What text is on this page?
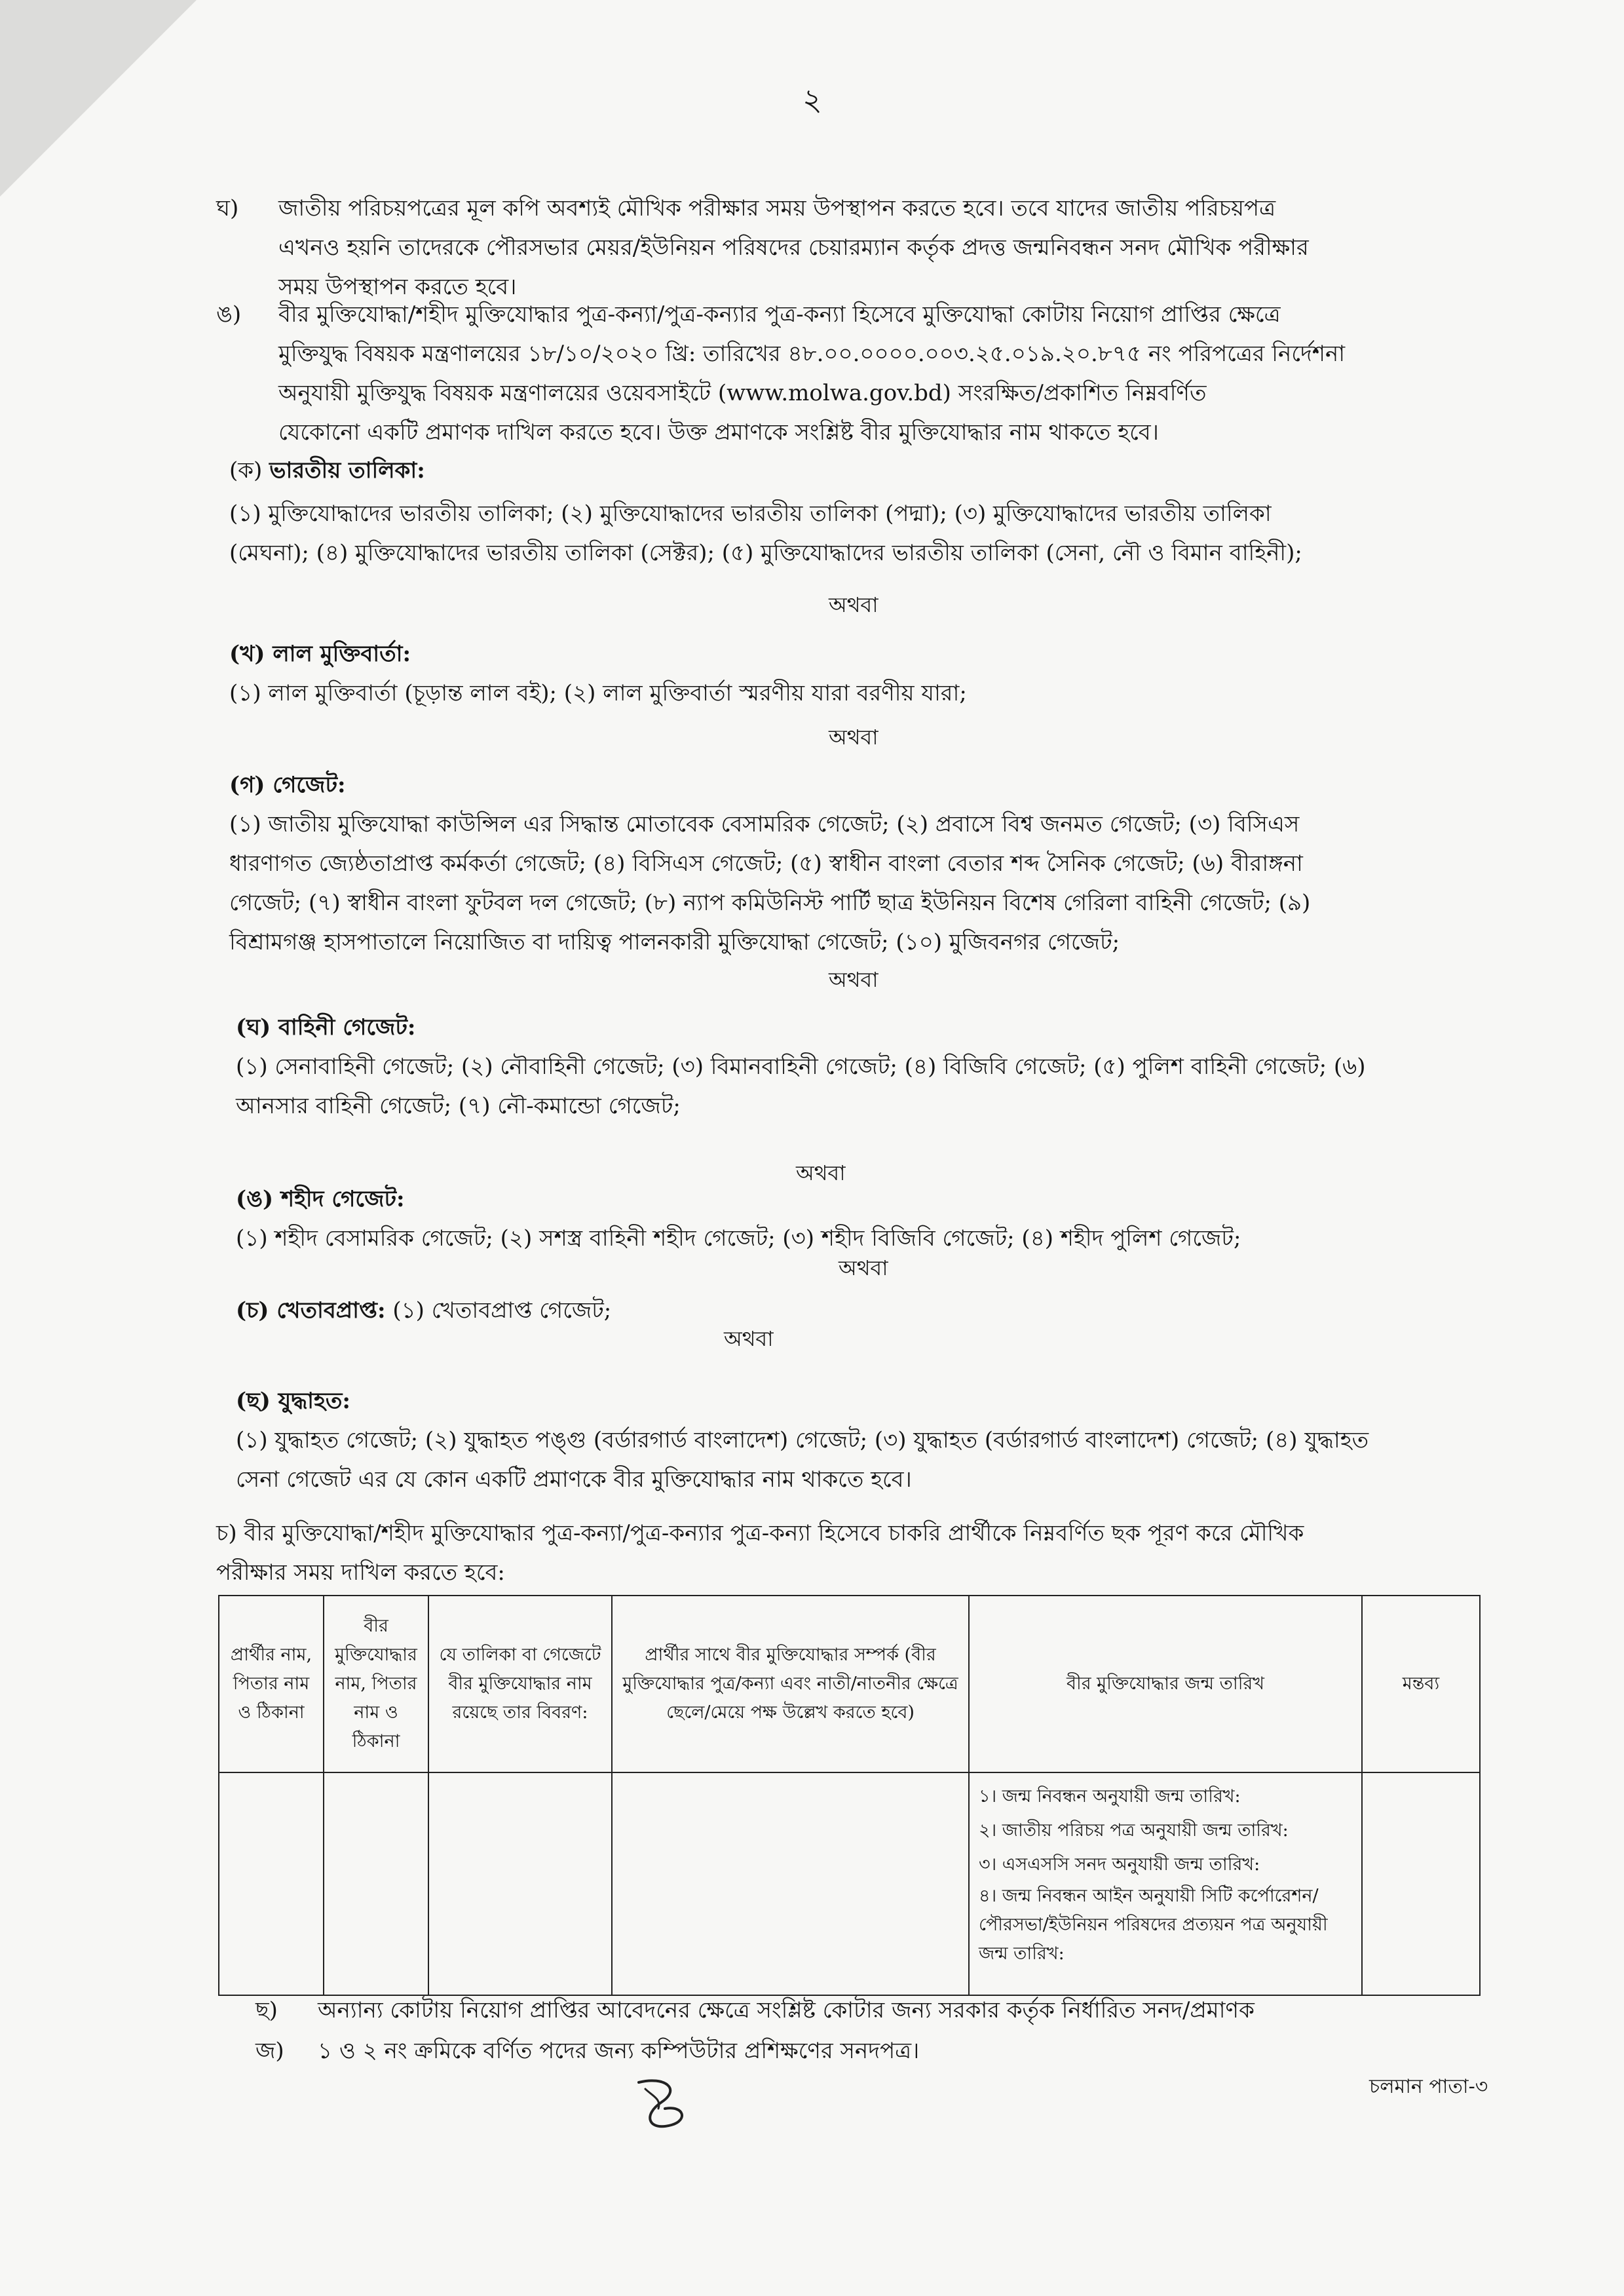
২
ঘ) জাতীয় পরিচয়পত্রের মূল কপি অবশ্যই মৌখিক পরীক্ষার সময় উপস্থাপন করতে হবে। তবে যাদের জাতীয় পরিচয়পত্র
এখনও হয়নি তাদেরকে পৌরসভার মেয়র/ইউনিয়ন পরিষদের চেয়ারম্যান কর্তৃক প্রদত্ত জন্মনিবন্ধন সনদ মৌখিক পরীক্ষার
সময় উপস্থাপন করতে হবে।
ঙ) বীর মুক্তিযোদ্ধা/শহীদ মুক্তিযোদ্ধার পুত্র-কন্যা/পুত্র-কন্যার পুত্র-কন্যা হিসেবে মুক্তিযোদ্ধা কোটায় নিয়োগ প্রাপ্তির ক্ষেত্রে
মুক্তিযুদ্ধ বিষয়ক মন্ত্রণালয়ের ১৮/১০/২০২০ খ্রি: তারিখের ৪৮.০০.০০০০.০০৩.২৫.০১৯.২০.৮৭৫ নং পরিপত্রের নির্দেশনা
অনুযায়ী মুক্তিযুদ্ধ বিষয়ক মন্ত্রণালয়ের ওয়েবসাইটে (www.molwa.gov.bd) সংরক্ষিত/প্রকাশিত নিম্নবর্ণিত
যেকোনো একটি প্রমাণক দাখিল করতে হবে। উক্ত প্রমাণকে সংশ্লিষ্ট বীর মুক্তিযোদ্ধার নাম থাকতে হবে।
(ক) ভারতীয় তালিকা:
(১) মুক্তিযোদ্ধাদের ভারতীয় তালিকা; (২) মুক্তিযোদ্ধাদের ভারতীয় তালিকা (পদ্মা); (৩) মুক্তিযোদ্ধাদের ভারতীয় তালিকা
(মেঘনা); (৪) মুক্তিযোদ্ধাদের ভারতীয় তালিকা (সেক্টর); (৫) মুক্তিযোদ্ধাদের ভারতীয় তালিকা (সেনা, নৌ ও বিমান বাহিনী);
অথবা
(খ) লাল মুক্তিবার্তা:
(১) লাল মুক্তিবার্তা (চূড়ান্ত লাল বই); (২) লাল মুক্তিবার্তা স্মরণীয় যারা বরণীয় যারা;
অথবা
(গ) গেজেট:
(১) জাতীয় মুক্তিযোদ্ধা কাউন্সিল এর সিদ্ধান্ত মোতাবেক বেসামরিক গেজেট; (২) প্রবাসে বিশ্ব জনমত গেজেট; (৩) বিসিএস
ধারণাগত জ্যেষ্ঠতাপ্রাপ্ত কর্মকর্তা গেজেট; (৪) বিসিএস গেজেট; (৫) স্বাধীন বাংলা বেতার শব্দ সৈনিক গেজেট; (৬) বীরাঙ্গনা
গেজেট; (৭) স্বাধীন বাংলা ফুটবল দল গেজেট; (৮) ন্যাপ কমিউনিস্ট পার্টি ছাত্র ইউনিয়ন বিশেষ গেরিলা বাহিনী গেজেট; (৯)
বিশ্রামগঞ্জ হাসপাতালে নিয়োজিত বা দায়িত্ব পালনকারী মুক্তিযোদ্ধা গেজেট; (১০) মুজিবনগর গেজেট;
অথবা
(ঘ) বাহিনী গেজেট:
(১) সেনাবাহিনী গেজেট; (২) নৌবাহিনী গেজেট; (৩) বিমানবাহিনী গেজেট; (৪) বিজিবি গেজেট; (৫) পুলিশ বাহিনী গেজেট; (৬)
আনসার বাহিনী গেজেট; (৭) নৌ-কমান্ডো গেজেট;
অথবা
(ঙ) শহীদ গেজেট:
(১) শহীদ বেসামরিক গেজেট; (২) সশস্ত্র বাহিনী শহীদ গেজেট; (৩) শহীদ বিজিবি গেজেট; (৪) শহীদ পুলিশ গেজেট;
অথবা
(চ) খেতাবপ্রাপ্ত: (১) খেতাবপ্রাপ্ত গেজেট;
অথবা
(ছ) যুদ্ধাহত:
(১) যুদ্ধাহত গেজেট; (২) যুদ্ধাহত পঙ্গু (বর্ডারগার্ড বাংলাদেশ) গেজেট; (৩) যুদ্ধাহত (বর্ডারগার্ড বাংলাদেশ) গেজেট; (৪) যুদ্ধাহত
সেনা গেজেট এর যে কোন একটি প্রমাণকে বীর মুক্তিযোদ্ধার নাম থাকতে হবে।
চ) বীর মুক্তিযোদ্ধা/শহীদ মুক্তিযোদ্ধার পুত্র-কন্যা/পুত্র-কন্যার পুত্র-কন্যা হিসেবে চাকরি প্রার্থীকে নিম্নবর্ণিত ছক পূরণ করে মৌখিক
পরীক্ষার সময় দাখিল করতে হবে:
প্রার্থীর নাম, পিতার নাম ও ঠিকানা	বীর মুক্তিযোদ্ধার নাম, পিতার নাম ও ঠিকানা	যে তালিকা বা গেজেটে বীর মুক্তিযোদ্ধার নাম রয়েছে তার বিবরণ:	প্রার্থীর সাথে বীর মুক্তিযোদ্ধার সম্পর্ক (বীর মুক্তিযোদ্ধার পুত্র/কন্যা এবং নাতী/নাতনীর ক্ষেত্রে ছেলে/মেয়ে পক্ষ উল্লেখ করতে হবে)	বীর মুক্তিযোদ্ধার জন্ম তারিখ	মন্তব্য

				১। জন্ম নিবন্ধন অনুযায়ী জন্ম তারিখ:
২। জাতীয় পরিচয় পত্র অনুযায়ী জন্ম তারিখ:
৩। এসএসসি সনদ অনুযায়ী জন্ম তারিখ:
৪। জন্ম নিবন্ধন আইন অনুযায়ী সিটি কর্পোরেশন/পৌরসভা/ইউনিয়ন পরিষদের প্রত্যয়ন পত্র অনুযায়ী জন্ম তারিখ:	

ছ) অন্যান্য কোটায় নিয়োগ প্রাপ্তির আবেদনের ক্ষেত্রে সংশ্লিষ্ট কোটার জন্য সরকার কর্তৃক নির্ধারিত সনদ/প্রমাণক
জ) ১ ও ২ নং ক্রমিকে বর্ণিত পদের জন্য কম্পিউটার প্রশিক্ষণের সনদপত্র।
চলমান পাতা-৩
